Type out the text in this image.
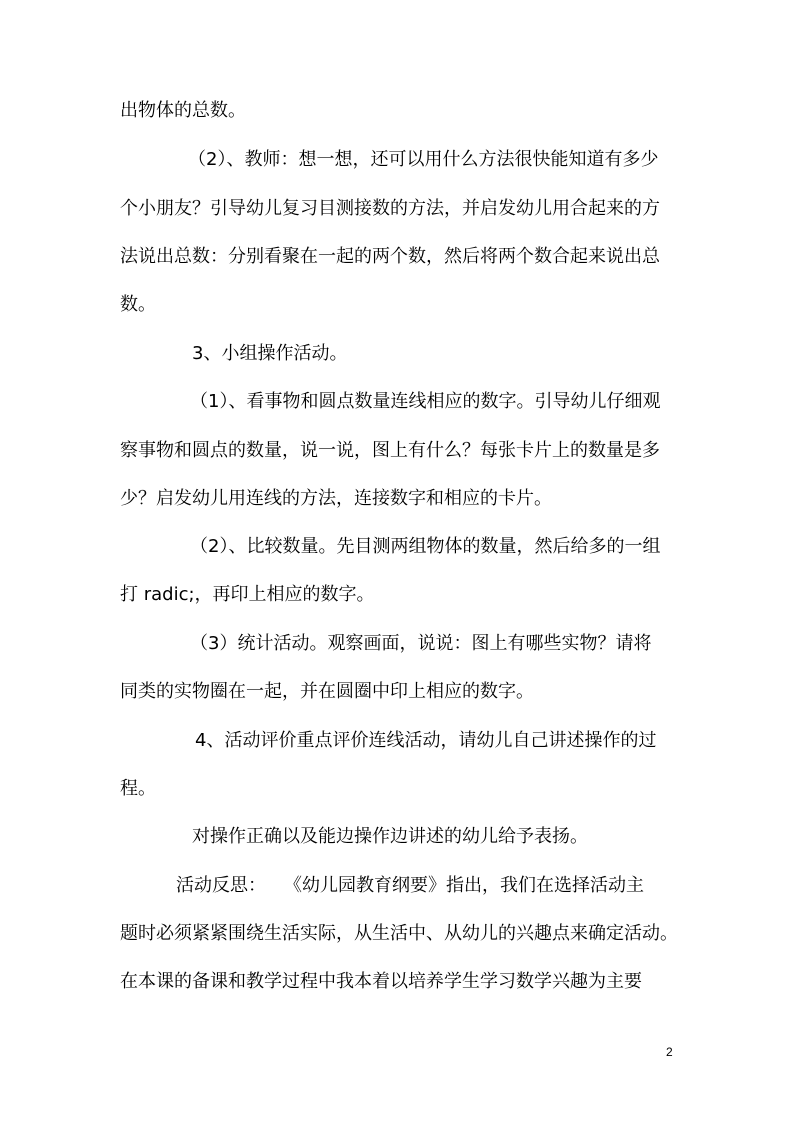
出物体的总数。
（2）、教师：想一想，还可以用什么方法很快能知道有多少
个小朋友？引导幼儿复习目测接数的方法，并启发幼儿用合起来的方
法说出总数：分别看聚在一起的两个数，然后将两个数合起来说出总
数。
3、小组操作活动。
（1）、看事物和圆点数量连线相应的数字。引导幼儿仔细观
察事物和圆点的数量，说一说，图上有什么？每张卡片上的数量是多
少？启发幼儿用连线的方法，连接数字和相应的卡片。
（2）、比较数量。先目测两组物体的数量，然后给多的一组
打 radic;，再印上相应的数字。
（3）统计活动。观察画面，说说：图上有哪些实物？请将
同类的实物圈在一起，并在圆圈中印上相应的数字。
4、活动评价重点评价连线活动，请幼儿自己讲述操作的过
程。
对操作正确以及能边操作边讲述的幼儿给予表扬。
活动反思：　　《幼儿园教育纲要》指出，我们在选择活动主
题时必须紧紧围绕生活实际，从生活中、从幼儿的兴趣点来确定活动。
在本课的备课和教学过程中我本着以培养学生学习数学兴趣为主要
2
